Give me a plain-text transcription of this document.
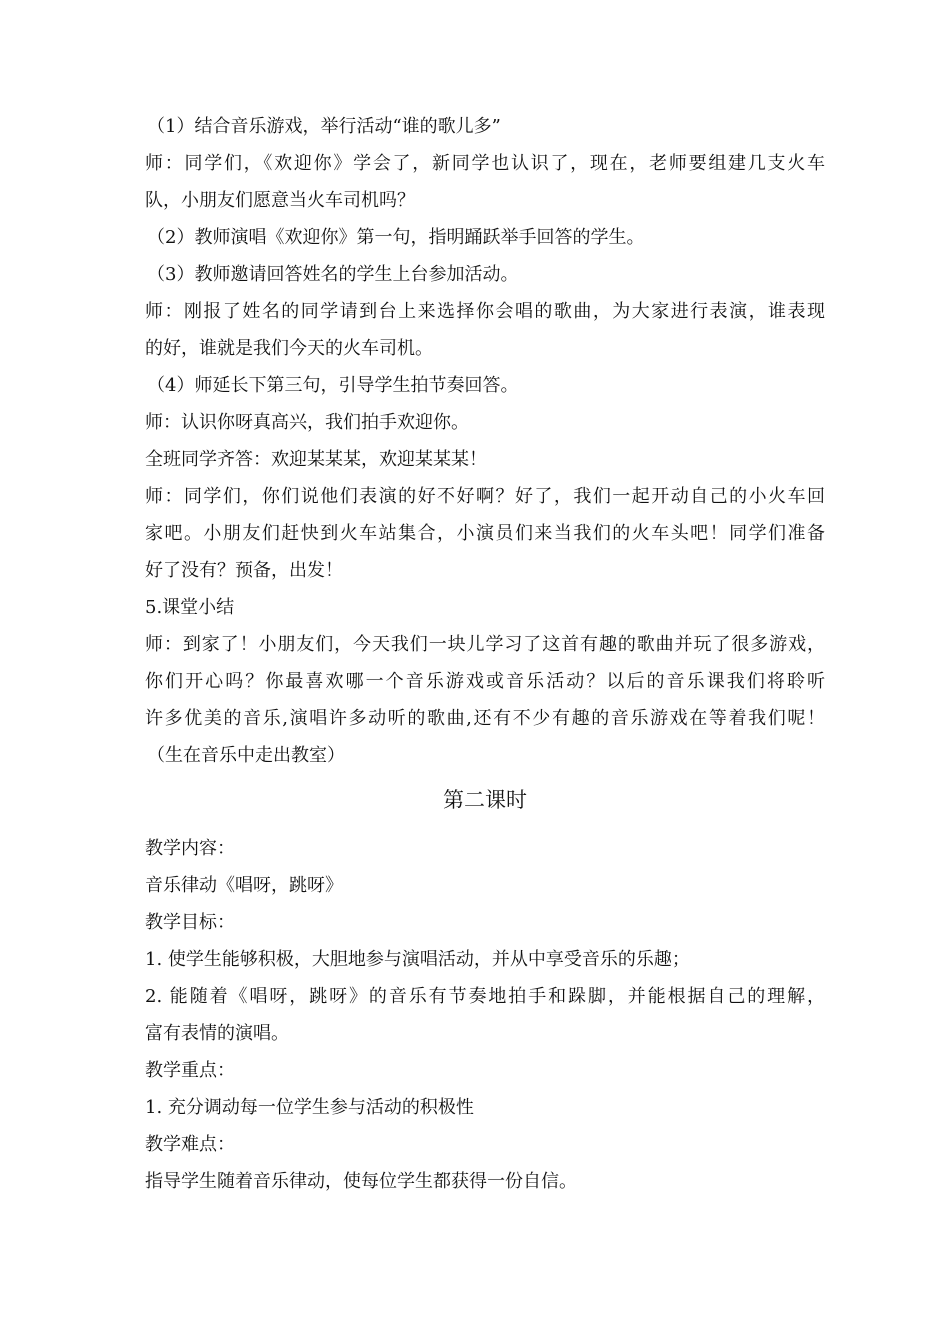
（1）结合音乐游戏，举行活动“谁的歌儿多”
师：同学们，《欢迎你》学会了，新同学也认识了，现在，老师要组建几支火车
队，小朋友们愿意当火车司机吗？
（2）教师演唱《欢迎你》第一句，指明踊跃举手回答的学生。
（3）教师邀请回答姓名的学生上台参加活动。
师：刚报了姓名的同学请到台上来选择你会唱的歌曲，为大家进行表演，谁表现
的好，谁就是我们今天的火车司机。
（4）师延长下第三句，引导学生拍节奏回答。
师：认识你呀真高兴，我们拍手欢迎你。
全班同学齐答：欢迎某某某，欢迎某某某！
师：同学们，你们说他们表演的好不好啊？好了，我们一起开动自己的小火车回
家吧。小朋友们赶快到火车站集合，小演员们来当我们的火车头吧！同学们准备
好了没有？预备，出发！
5.课堂小结
师：到家了！小朋友们，今天我们一块儿学习了这首有趣的歌曲并玩了很多游戏，
你们开心吗？你最喜欢哪一个音乐游戏或音乐活动？以后的音乐课我们将聆听
许多优美的音乐,演唱许多动听的歌曲,还有不少有趣的音乐游戏在等着我们呢！
（生在音乐中走出教室）
第二课时
教学内容：
音乐律动《唱呀，跳呀》
教学目标：
1. 使学生能够积极，大胆地参与演唱活动，并从中享受音乐的乐趣；
2. 能随着《唱呀，跳呀》的音乐有节奏地拍手和跺脚，并能根据自己的理解，
富有表情的演唱。
教学重点：
1. 充分调动每一位学生参与活动的积极性
教学难点：
指导学生随着音乐律动，使每位学生都获得一份自信。
